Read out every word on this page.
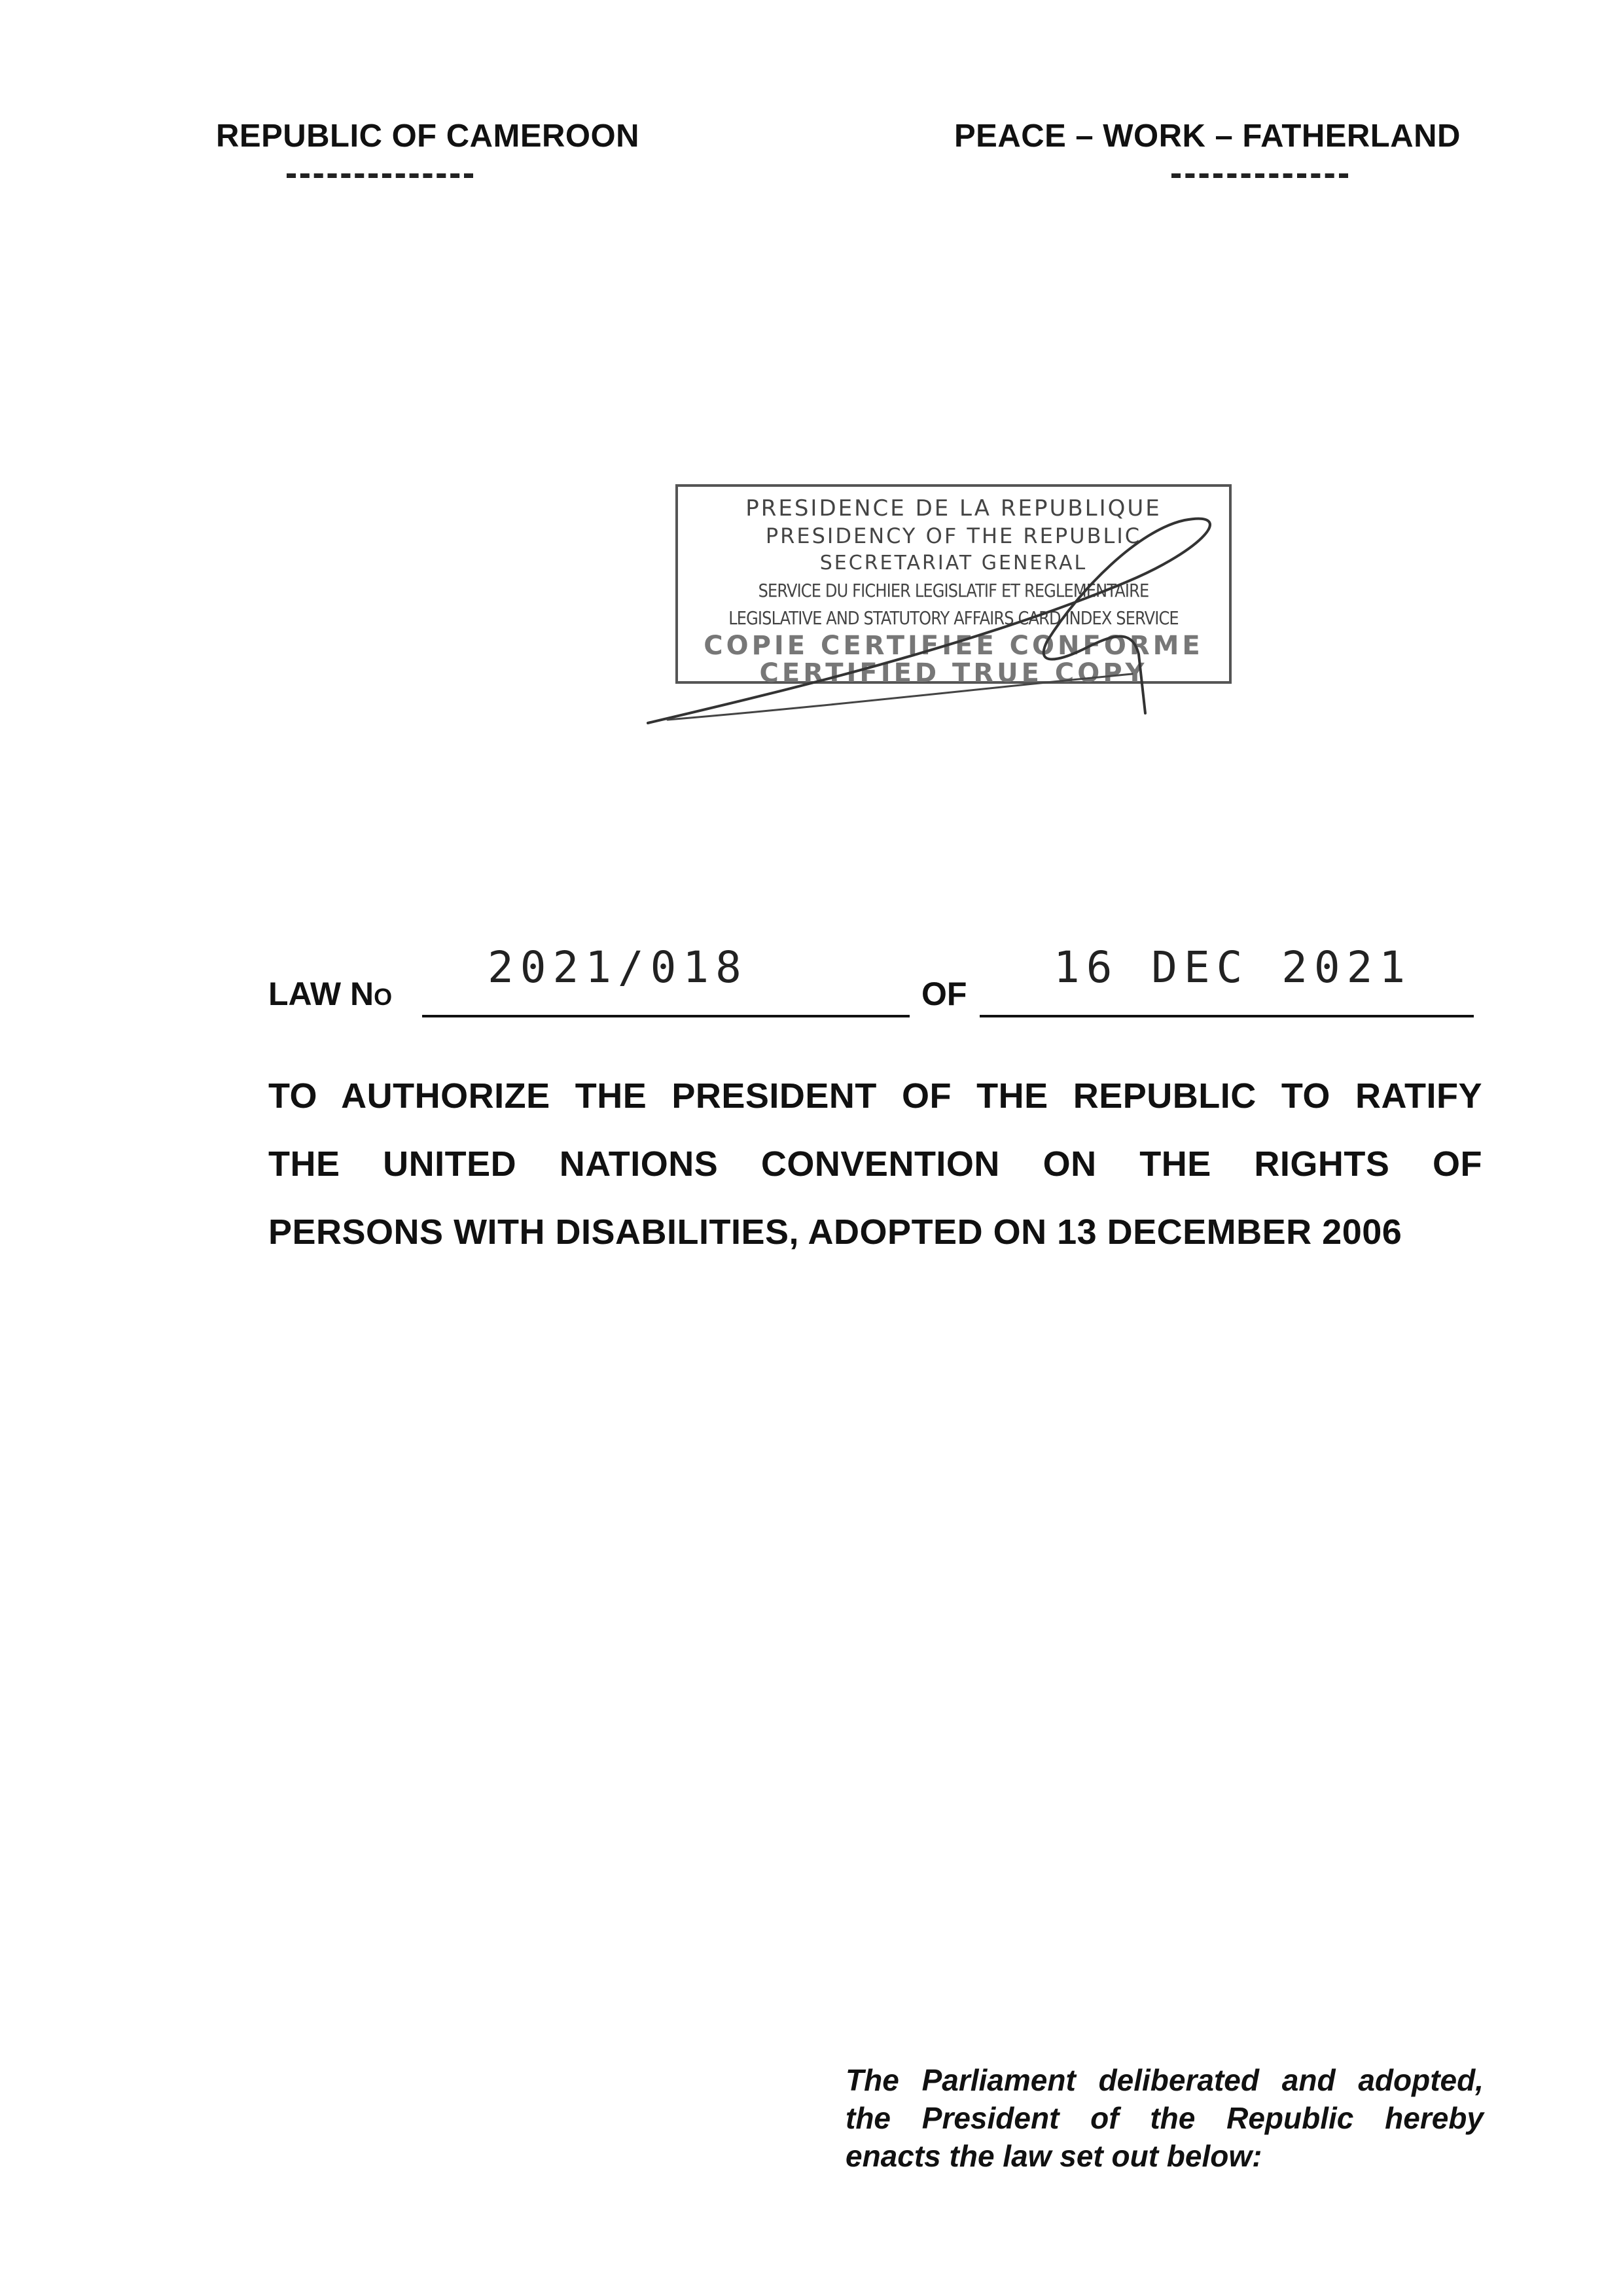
REPUBLIC OF CAMEROON	PEACE – WORK – FATHERLAND
PRESIDENCE DE LA REPUBLIQUE
PRESIDENCY OF THE REPUBLIC
SECRETARIAT GENERAL
SERVICE DU FICHIER LEGISLATIF ET REGLEMENTAIRE
LEGISLATIVE AND STATUTORY AFFAIRS CARD INDEX SERVICE
COPIE CERTIFIEE CONFORME
CERTIFIED TRUE COPY
LAW NO
2021/018
OF
16 DEC 2021
TO AUTHORIZE THE PRESIDENT OF THE REPUBLIC TO RATIFY
THE UNITED NATIONS CONVENTION ON THE RIGHTS OF
PERSONS WITH DISABILITIES, ADOPTED ON 13 DECEMBER 2006
The Parliament deliberated and adopted,
the President of the Republic hereby
enacts the law set out below:
